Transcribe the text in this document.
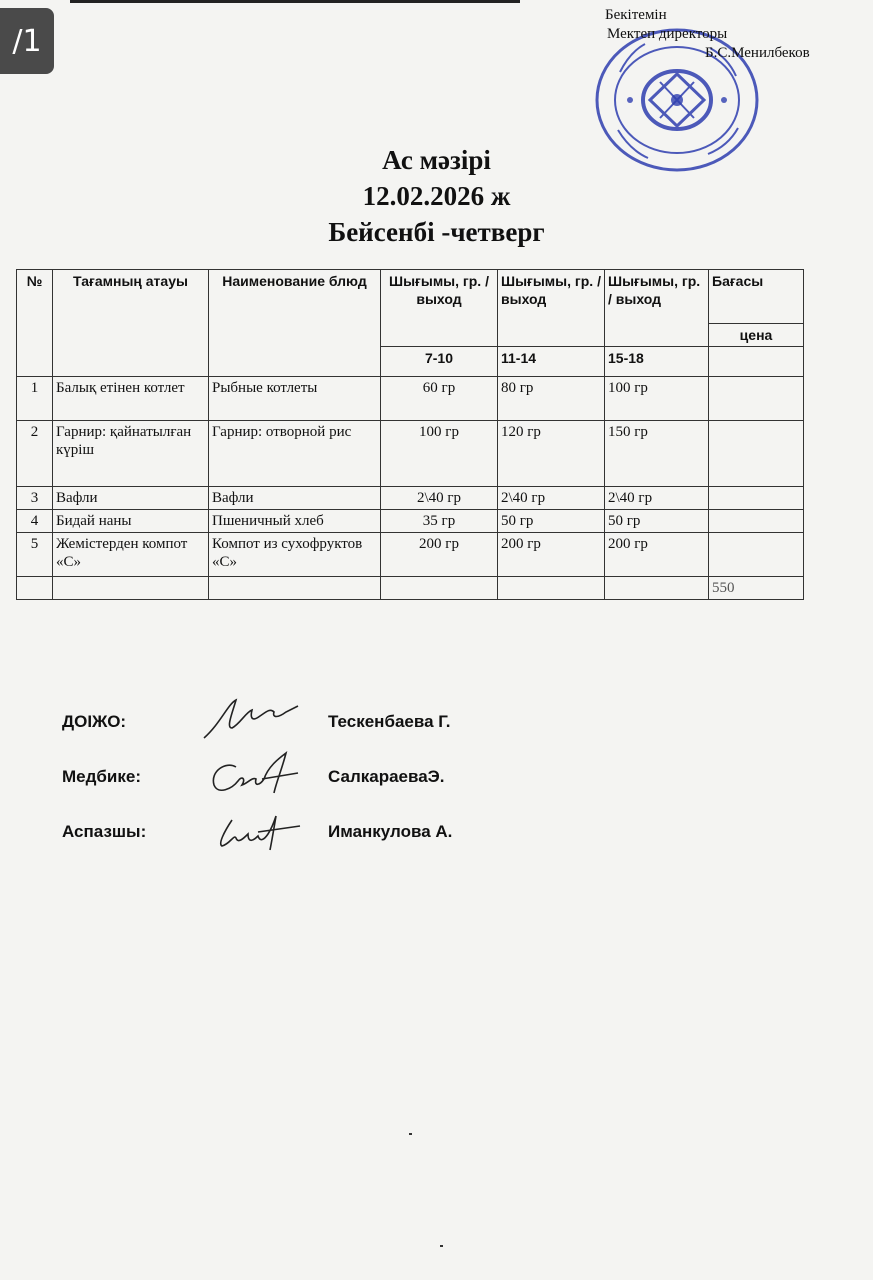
/1
Бекітемін
Мектеп директоры
Б.С.Менилбеков
Ас мәзірі
12.02.2026 ж
Бейсенбі -четверг
№	Тағамның атауы	Наименование блюд	Шығымы, гр. / выход	Шығымы, гр. / выход	Шығымы, гр. / выход	Бағасы
						цена
			7-10	11-14	15-18	
1	Балық етінен котлет	Рыбные котлеты	60 гр	80 гр	100 гр	
2	Гарнир: қайнатылған күріш	Гарнир: отворной рис	100 гр	120 гр	150 гр	
3	Вафли	Вафли	2\40 гр	2\40 гр	2\40 гр	
4	Бидай наны	Пшеничный хлеб	35 гр	50 гр	50 гр	
5	Жемістерден компот «С»	Компот из сухофруктов «С»	200 гр	200 гр	200 гр	
						550
ДОІЖО:	Тескенбаева Г.
Медбике:	СалкараеваЭ.
Аспазшы:	Иманкулова А.
